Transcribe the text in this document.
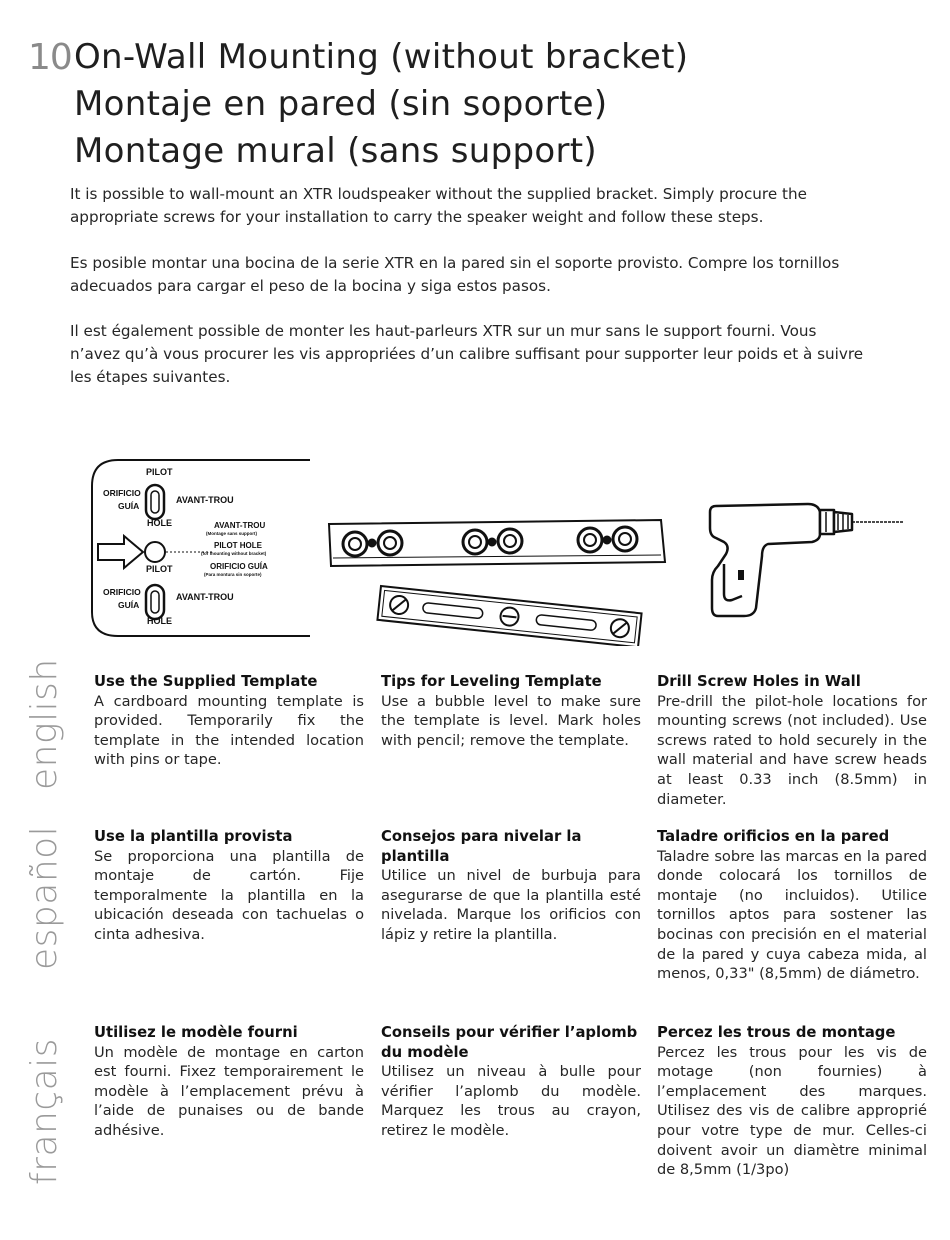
10 On-Wall Mounting (without bracket)
Montaje en pared (sin soporte)
Montage mural (sans support)

It is possible to wall-mount an XTR loudspeaker without the supplied bracket. Simply procure the appropriate screws for your installation to carry the speaker weight and follow these steps.

Es posible montar una bocina de la serie XTR en la pared sin el soporte provisto. Compre los tornillos adecuados para cargar el peso de la bocina y siga estos pasos.

Il est également possible de monter les haut-parleurs XTR sur un mur sans le support fourni. Vous n’avez qu’à vous procurer les vis appropriées d’un calibre suffisant pour supporter leur poids et à suivre les étapes suivantes.

PILOT
ORIFICIO
GUÍA
AVANT-TROU
HOLE	AVANT-TROU
(Montage sans support)
PILOT HOLE
(for mounting without bracket)
ORIFICIO GUÍA
(Para montura sin soporte)
PILOT
ORIFICIO
GUÍA
AVANT-TROU
HOLE
english
español
français
Use the Supplied Template

A cardboard mounting template is provided. Temporarily fix the template in the intended location with pins or tape.

Tips for Leveling Template

Use a bubble level to make sure the template is level. Mark holes with pencil; remove the template.

Drill Screw Holes in Wall

Pre-drill the pilot-hole locations for mounting screws (not included). Use screws rated to hold securely in the wall material and have screw heads at least 0.33 inch (8.5mm) in diameter.

Use la plantilla provista

Se proporciona una plantilla de montaje de cartón. Fije temporalmente la plantilla en la ubicación deseada con tachuelas o cinta adhesiva.

Consejos para nivelar la plantilla

Utilice un nivel de burbuja para asegurarse de que la plantilla esté nivelada. Marque los orificios con lápiz y retire la plantilla.

Taladre orificios en la pared

Taladre sobre las marcas en la pared donde colocará los tornillos de montaje (no incluidos). Utilice tornillos aptos para sostener las bocinas con precisión en el material de la pared y cuya cabeza mida, al menos, 0,33" (8,5mm) de diámetro.

Utilisez le modèle fourni

Un modèle de montage en carton est fourni. Fixez temporairement le modèle à l’emplacement prévu à l’aide de punaises ou de bande adhésive.

Conseils pour vérifier l’aplomb du modèle

Utilisez un niveau à bulle pour vérifier l’aplomb du modèle. Marquez les trous au crayon, retirez le modèle.

Percez les trous de montage

Percez les trous pour les vis de motage (non fournies) à l’emplacement des marques. Utilisez des vis de calibre approprié pour votre type de mur. Celles-ci doivent avoir un diamètre minimal de 8,5mm (1/3po)
